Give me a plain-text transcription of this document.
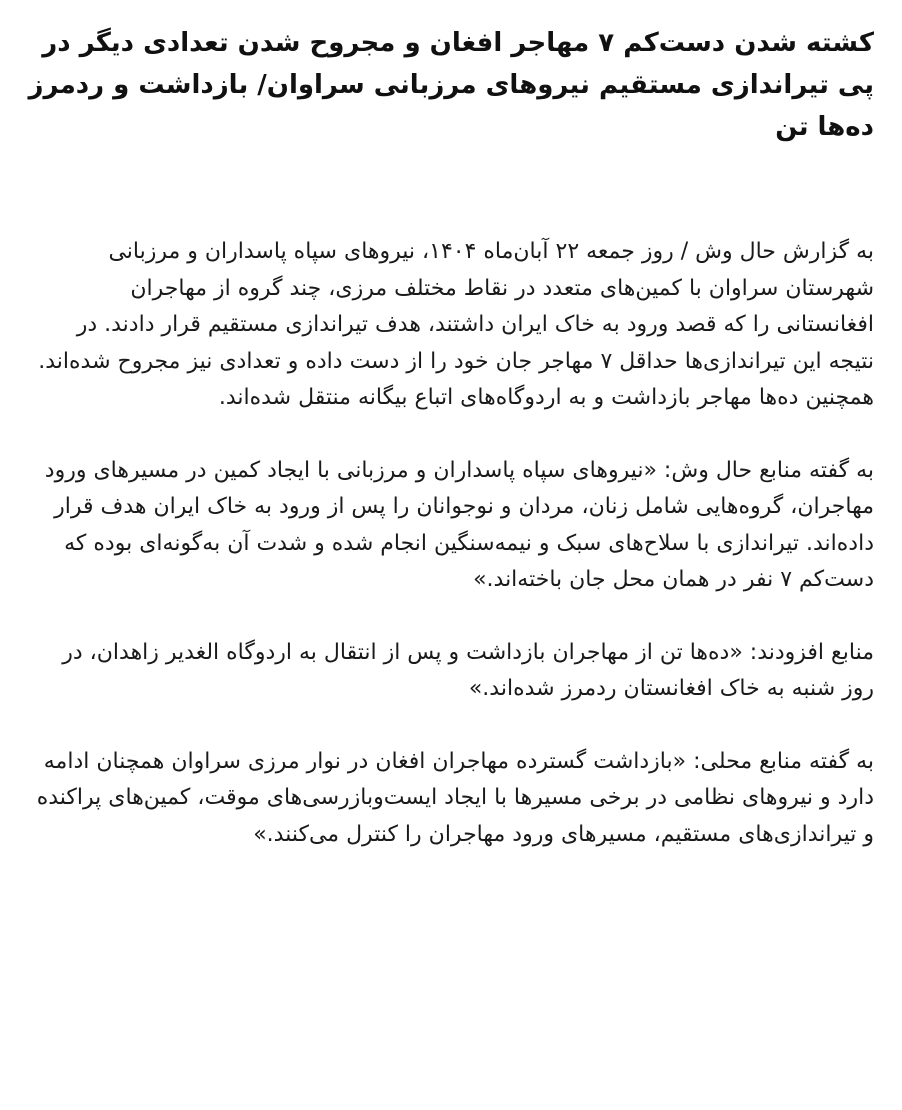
کشته شدن دست‌کم ۷ مهاجر افغان و مجروح شدن تعدادی دیگر در پی تیراندازی مستقیم نیروهای مرزبانی سراوان/ بازداشت و ردمرز ده‌ها تن

به گزارش حال وش / روز جمعه ۲۲ آبان‌ماه ۱۴۰۴، نیروهای سپاه پاسداران و مرزبانی شهرستان سراوان با کمین‌های متعدد در نقاط مختلف مرزی، چند گروه از مهاجران افغانستانی را که قصد ورود به خاک ایران داشتند، هدف تیراندازی مستقیم قرار دادند. در نتیجه این تیراندازی‌ها حداقل ۷ مهاجر جان خود را از دست داده و تعدادی نیز مجروح شده‌اند. همچنین ده‌ها مهاجر بازداشت و به اردوگاه‌های اتباع بیگانه منتقل شده‌اند.

به گفته منابع حال وش: «نیروهای سپاه پاسداران و مرزبانی با ایجاد کمین در مسیرهای ورود مهاجران، گروه‌هایی شامل زنان، مردان و نوجوانان را پس از ورود به خاک ایران هدف قرار داده‌اند. تیراندازی با سلاح‌های سبک و نیمه‌سنگین انجام شده و شدت آن به‌گونه‌ای بوده که دست‌کم ۷ نفر در همان محل جان باخته‌اند.»

منابع افزودند: «ده‌ها تن از مهاجران بازداشت و پس از انتقال به اردوگاه الغدیر زاهدان، در روز شنبه به خاک افغانستان ردمرز شده‌اند.»

به گفته منابع محلی: «بازداشت گسترده مهاجران افغان در نوار مرزی سراوان همچنان ادامه دارد و نیروهای نظامی در برخی مسیرها با ایجاد ایست‌وبازرسی‌های موقت، کمین‌های پراکنده و تیراندازی‌های مستقیم، مسیرهای ورود مهاجران را کنترل می‌کنند.»
